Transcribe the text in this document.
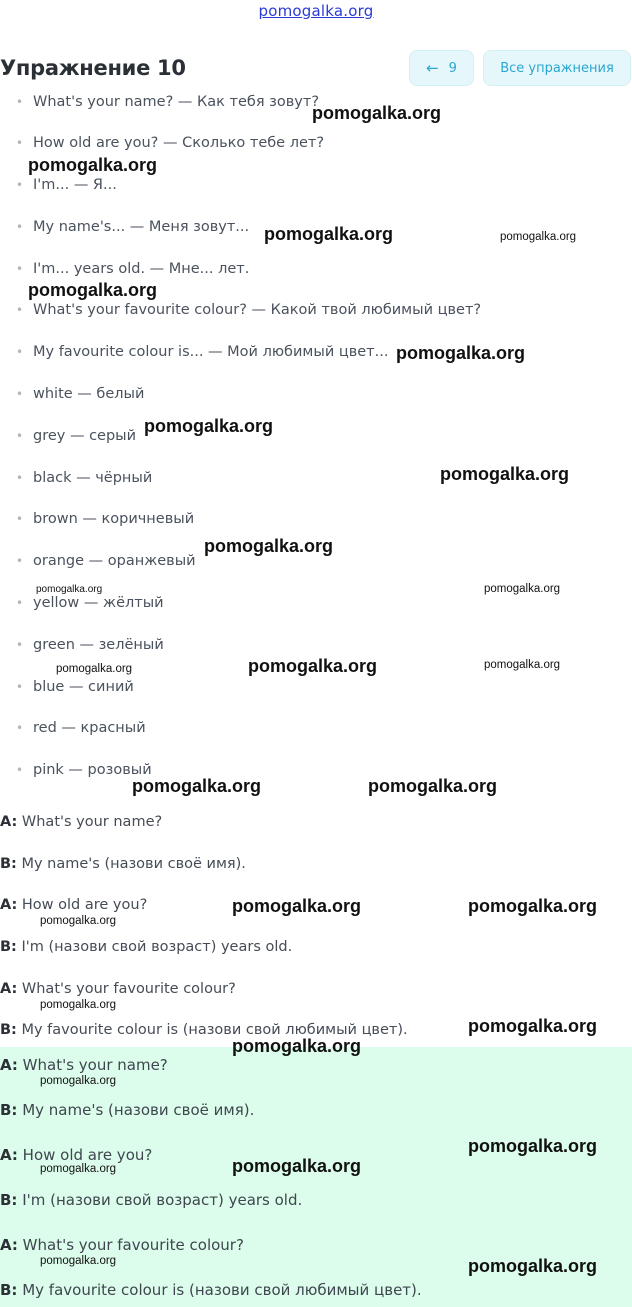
pomogalka.org
Упражнение 10	← 9	Все упражнения
• What's your name? — Как тебя зовут?
• How old are you? — Сколько тебе лет?
• I'm... — Я...
• My name's... — Меня зовут...
• I'm... years old. — Мне... лет.
• What's your favourite colour? — Какой твой любимый цвет?
• My favourite colour is... — Мой любимый цвет...
• white — белый
• grey — серый
• black — чёрный
• brown — коричневый
• orange — оранжевый
• yellow — жёлтый
• green — зелёный
• blue — синий
• red — красный
• pink — розовый
A: What's your name?
B: My name's (назови своё имя).
A: How old are you?
B: I'm (назови свой возраст) years old.
A: What's your favourite colour?
B: My favourite colour is (назови свой любимый цвет).
A: What's your name?
B: My name's (назови своё имя).
A: How old are you?
B: I'm (назови свой возраст) years old.
A: What's your favourite colour?
B: My favourite colour is (назови свой любимый цвет).
pomogalka.org
pomogalka.org
pomogalka.org	pomogalka.org
pomogalka.org
pomogalka.org
pomogalka.org
pomogalka.org
pomogalka.org
pomogalka.org	pomogalka.org
pomogalka.org
pomogalka.org	pomogalka.org
pomogalka.org	pomogalka.org
pomogalka.org	pomogalka.org
pomogalka.org
pomogalka.org
pomogalka.org
pomogalka.org
pomogalka.org
pomogalka.org
pomogalka.org
pomogalka.org
pomogalka.org	pomogalka.org
